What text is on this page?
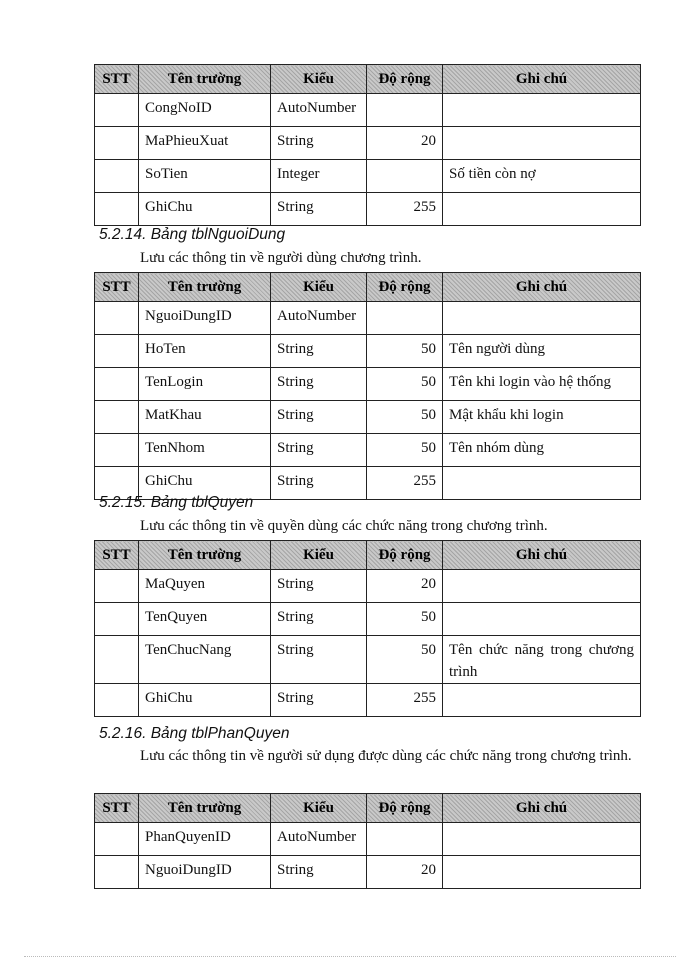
STT	Tên trường	Kiểu	Độ rộng	Ghi chú
	CongNoID	AutoNumber		
	MaPhieuXuat	String	20	
	SoTien	Integer		Số tiền còn nợ
	GhiChu	String	255	
5.2.14. Bảng tblNguoiDung

Lưu các thông tin về người dùng chương trình.

STT	Tên trường	Kiểu	Độ rộng	Ghi chú
	NguoiDungID	AutoNumber		
	HoTen	String	50	Tên người dùng
	TenLogin	String	50	Tên khi login vào hệ thống
	MatKhau	String	50	Mật khẩu khi login
	TenNhom	String	50	Tên nhóm dùng
	GhiChu	String	255	
5.2.15. Bảng tblQuyen

Lưu các thông tin về quyền dùng các chức năng trong chương trình.

STT	Tên trường	Kiểu	Độ rộng	Ghi chú
	MaQuyen	String	20	
	TenQuyen	String	50	
	TenChucNang	String	50	Tên chức năng trong chương trình
	GhiChu	String	255	
5.2.16. Bảng tblPhanQuyen

Lưu các thông tin về người sử dụng được dùng các chức năng trong chương trình.

STT	Tên trường	Kiểu	Độ rộng	Ghi chú
	PhanQuyenID	AutoNumber		
	NguoiDungID	String	20	
